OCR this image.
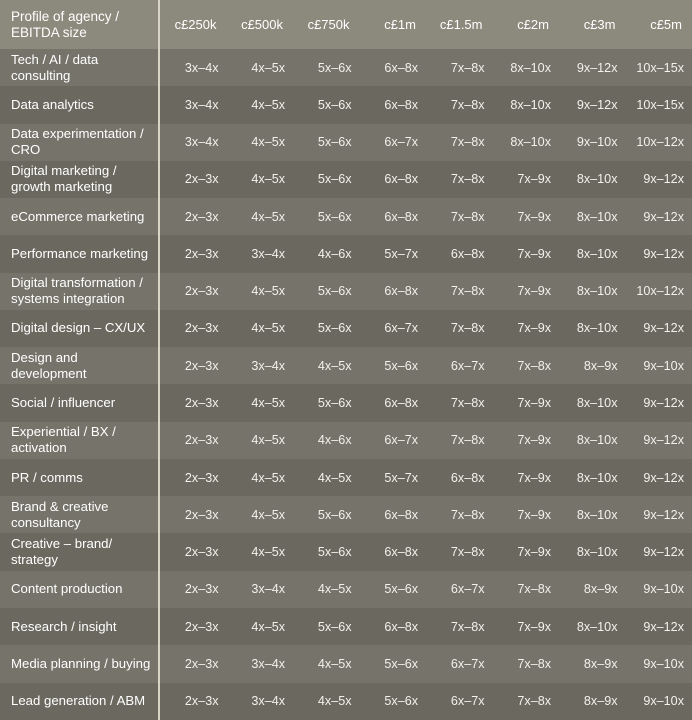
Profile of agency / EBITDA size		c£250k	c£500k	c£750k	c£1m	c£1.5m	c£2m	c£3m	c£5m
Tech / AI / data consulting		3x–4x	4x–5x	5x–6x	6x–8x	7x–8x	8x–10x	9x–12x	10x–15x
Data analytics		3x–4x	4x–5x	5x–6x	6x–8x	7x–8x	8x–10x	9x–12x	10x–15x
Data experimentation / CRO		3x–4x	4x–5x	5x–6x	6x–7x	7x–8x	8x–10x	9x–10x	10x–12x
Digital marketing / growth marketing		2x–3x	4x–5x	5x–6x	6x–8x	7x–8x	7x–9x	8x–10x	9x–12x
eCommerce marketing		2x–3x	4x–5x	5x–6x	6x–8x	7x–8x	7x–9x	8x–10x	9x–12x
Performance marketing		2x–3x	3x–4x	4x–6x	5x–7x	6x–8x	7x–9x	8x–10x	9x–12x
Digital transformation / systems integration		2x–3x	4x–5x	5x–6x	6x–8x	7x–8x	7x–9x	8x–10x	10x–12x
Digital design – CX/UX		2x–3x	4x–5x	5x–6x	6x–7x	7x–8x	7x–9x	8x–10x	9x–12x
Design and development		2x–3x	3x–4x	4x–5x	5x–6x	6x–7x	7x–8x	8x–9x	9x–10x
Social / influencer		2x–3x	4x–5x	5x–6x	6x–8x	7x–8x	7x–9x	8x–10x	9x–12x
Experiential / BX / activation		2x–3x	4x–5x	4x–6x	6x–7x	7x–8x	7x–9x	8x–10x	9x–12x
PR / comms		2x–3x	4x–5x	4x–5x	5x–7x	6x–8x	7x–9x	8x–10x	9x–12x
Brand & creative consultancy		2x–3x	4x–5x	5x–6x	6x–8x	7x–8x	7x–9x	8x–10x	9x–12x
Creative – brand/ strategy		2x–3x	4x–5x	5x–6x	6x–8x	7x–8x	7x–9x	8x–10x	9x–12x
Content production		2x–3x	3x–4x	4x–5x	5x–6x	6x–7x	7x–8x	8x–9x	9x–10x
Research / insight		2x–3x	4x–5x	5x–6x	6x–8x	7x–8x	7x–9x	8x–10x	9x–12x
Media planning / buying		2x–3x	3x–4x	4x–5x	5x–6x	6x–7x	7x–8x	8x–9x	9x–10x
Lead generation / ABM		2x–3x	3x–4x	4x–5x	5x–6x	6x–7x	7x–8x	8x–9x	9x–10x
